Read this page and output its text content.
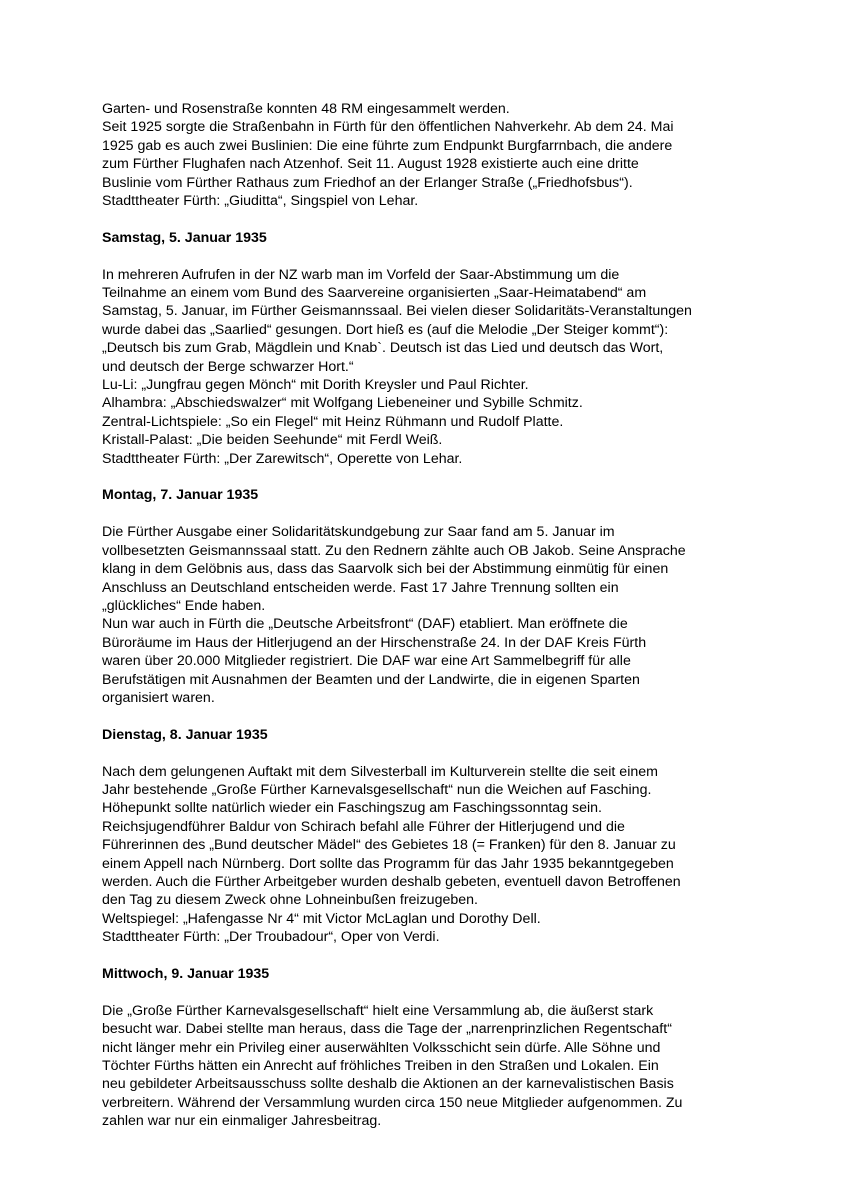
Garten- und Rosenstraße konnten 48 RM eingesammelt werden.

Seit 1925 sorgte die Straßenbahn in Fürth für den öffentlichen Nahverkehr. Ab dem 24. Mai

1925 gab es auch zwei Buslinien: Die eine führte zum Endpunkt Burgfarrnbach, die andere

zum Fürther Flughafen nach Atzenhof. Seit 11. August 1928 existierte auch eine dritte

Buslinie vom Fürther Rathaus zum Friedhof an der Erlanger Straße („Friedhofsbus“).

Stadttheater Fürth: „Giuditta“, Singspiel von Lehar.

Samstag, 5. Januar 1935

In mehreren Aufrufen in der NZ warb man im Vorfeld der Saar-Abstimmung um die

Teilnahme an einem vom Bund des Saarvereine organisierten „Saar-Heimatabend“ am

Samstag, 5. Januar, im Fürther Geismannssaal. Bei vielen dieser Solidaritäts-Veranstaltungen

wurde dabei das „Saarlied“ gesungen. Dort hieß es (auf die Melodie „Der Steiger kommt“):

„Deutsch bis zum Grab, Mägdlein und Knab`. Deutsch ist das Lied und deutsch das Wort,

und deutsch der Berge schwarzer Hort.“

Lu-Li: „Jungfrau gegen Mönch“ mit Dorith Kreysler und Paul Richter.

Alhambra: „Abschiedswalzer“ mit Wolfgang Liebeneiner und Sybille Schmitz.

Zentral-Lichtspiele: „So ein Flegel“ mit Heinz Rühmann und Rudolf Platte.

Kristall-Palast: „Die beiden Seehunde“ mit Ferdl Weiß.

Stadttheater Fürth: „Der Zarewitsch“, Operette von Lehar.

Montag, 7. Januar 1935

Die Fürther Ausgabe einer Solidaritätskundgebung zur Saar fand am 5. Januar im

vollbesetzten Geismannssaal statt. Zu den Rednern zählte auch OB Jakob. Seine Ansprache

klang in dem Gelöbnis aus, dass das Saarvolk sich bei der Abstimmung einmütig für einen

Anschluss an Deutschland entscheiden werde. Fast 17 Jahre Trennung sollten ein

„glückliches“ Ende haben.

Nun war auch in Fürth die „Deutsche Arbeitsfront“ (DAF) etabliert. Man eröffnete die

Büroräume im Haus der Hitlerjugend an der Hirschenstraße 24. In der DAF Kreis Fürth

waren über 20.000 Mitglieder registriert. Die DAF war eine Art Sammelbegriff für alle

Berufstätigen mit Ausnahmen der Beamten und der Landwirte, die in eigenen Sparten

organisiert waren.

Dienstag, 8. Januar 1935

Nach dem gelungenen Auftakt mit dem Silvesterball im Kulturverein stellte die seit einem

Jahr bestehende „Große Fürther Karnevalsgesellschaft“ nun die Weichen auf Fasching.

Höhepunkt sollte natürlich wieder ein Faschingszug am Faschingssonntag sein.

Reichsjugendführer Baldur von Schirach befahl alle Führer der Hitlerjugend und die

Führerinnen des „Bund deutscher Mädel“ des Gebietes 18 (= Franken) für den 8. Januar zu

einem Appell nach Nürnberg. Dort sollte das Programm für das Jahr 1935 bekanntgegeben

werden. Auch die Fürther Arbeitgeber wurden deshalb gebeten, eventuell davon Betroffenen

den Tag zu diesem Zweck ohne Lohneinbußen freizugeben.

Weltspiegel: „Hafengasse Nr 4“ mit Victor McLaglan und Dorothy Dell.

Stadttheater Fürth: „Der Troubadour“, Oper von Verdi.

Mittwoch, 9. Januar 1935

Die „Große Fürther Karnevalsgesellschaft“ hielt eine Versammlung ab, die äußerst stark

besucht war. Dabei stellte man heraus, dass die Tage der „narrenprinzlichen Regentschaft“

nicht länger mehr ein Privileg einer auserwählten Volksschicht sein dürfe. Alle Söhne und

Töchter Fürths hätten ein Anrecht auf fröhliches Treiben in den Straßen und Lokalen. Ein

neu gebildeter Arbeitsausschuss sollte deshalb die Aktionen an der karnevalistischen Basis

verbreitern. Während der Versammlung wurden circa 150 neue Mitglieder aufgenommen. Zu

zahlen war nur ein einmaliger Jahresbeitrag.
